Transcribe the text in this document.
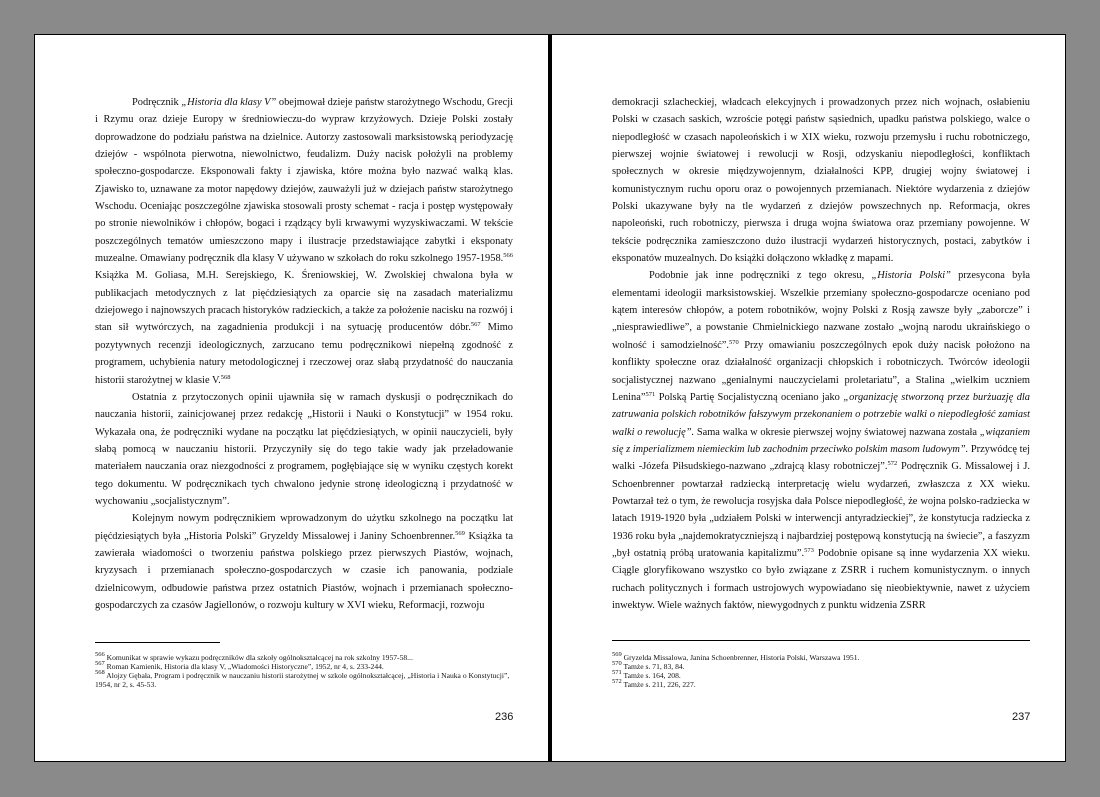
Podręcznik „Historia dla klasy V” obejmował dzieje państw starożytnego Wschodu, Grecji i Rzymu oraz dzieje Europy w średniowieczu-do wypraw krzyżowych. Dzieje Polski zostały doprowadzone do podziału państwa na dzielnice. Autorzy zastosowali marksistowską periodyzację dziejów - wspólnota pierwotna, niewolnictwo, feudalizm. Duży nacisk położyli na problemy społeczno-gospodarcze. Eksponowali fakty i zjawiska, które można było nazwać walką klas. Zjawisko to, uznawane za motor napędowy dziejów, zauważyli już w dziejach państw starożytnego Wschodu. Oceniając poszczególne zjawiska stosowali prosty schemat - racja i postęp występowały po stronie niewolników i chłopów, bogaci i rządzący byli krwawymi wyzyskiwaczami. W tekście poszczególnych tematów umieszczono mapy i ilustracje przedstawiające zabytki i eksponaty muzealne. Omawiany podręcznik dla klasy V używano w szkołach do roku szkolnego 1957-1958.$^{566}$ Książka M. Goliasa, M.H. Serejskiego, K. Śreniowskiej, W. Zwolskiej chwalona była w publikacjach metodycznych z lat pięćdziesiątych za oparcie się na zasadach materializmu dziejowego i najnowszych pracach historyków radzieckich, a także za położenie nacisku na rozwój i stan sił wytwórczych, na zagadnienia produkcji i na sytuację producentów dóbr.$^{567}$ Mimo pozytywnych recenzji ideologicznych, zarzucano temu podręcznikowi niepełną zgodność z programem, uchybienia natury metodologicznej i rzeczowej oraz słabą przydatność do nauczania historii starożytnej w klasie V.$^{568}$

Ostatnia z przytoczonych opinii ujawniła się w ramach dyskusji o podręcznikach do nauczania historii, zainicjowanej przez redakcję „Historii i Nauki o Konstytucji” w 1954 roku. Wykazała ona, że podręczniki wydane na początku lat pięćdziesiątych, w opinii nauczycieli, były słabą pomocą w nauczaniu historii. Przyczyniły się do tego takie wady jak przeładowanie materiałem nauczania oraz niezgodności z programem, pogłębiające się w wyniku częstych korekt tego dokumentu. W podręcznikach tych chwalono jedynie stronę ideologiczną i przydatność w wychowaniu „socjalistycznym”.

Kolejnym nowym podręcznikiem wprowadzonym do użytku szkolnego na początku lat pięćdziesiątych była „Historia Polski” Gryzeldy Missalowej i Janiny Schoenbrenner.$^{569}$ Książka ta zawierała wiadomości o tworzeniu państwa polskiego przez pierwszych Piastów, wojnach, kryzysach i przemianach społeczno-gospodarczych w czasie ich panowania, podziale dzielnicowym, odbudowie państwa przez ostatnich Piastów, wojnach i przemianach społeczno-gospodarczych za czasów Jagiellonów, o rozwoju kultury w XVI wieku, Reformacji, rozwoju

$^{566}$ Komunikat w sprawie wykazu podręczników dla szkoły ogólnokształcącej na rok szkolny 1957-58...
$^{567}$ Roman Kamienik, Historia dla klasy V, „Wiadomości Historyczne”, 1952, nr 4, s. 233-244.
$^{568}$ Alojzy Gębała, Program i podręcznik w nauczaniu historii starożytnej w szkole ogólnokształcącej, „Historia i Nauka o Konstytucji”, 1954, nr 2, s. 45-53.
236

demokracji szlacheckiej, władcach elekcyjnych i prowadzonych przez nich wojnach, osłabieniu Polski w czasach saskich, wzroście potęgi państw sąsiednich, upadku państwa polskiego, walce o niepodległość w czasach napoleońskich i w XIX wieku, rozwoju przemysłu i ruchu robotniczego, pierwszej wojnie światowej i rewolucji w Rosji, odzyskaniu niepodległości, konfliktach społecznych w okresie międzywojennym, działalności KPP, drugiej wojny światowej i komunistycznym ruchu oporu oraz o powojennych przemianach. Niektóre wydarzenia z dziejów Polski ukazywane były na tle wydarzeń z dziejów powszechnych np. Reformacja, okres napoleoński, ruch robotniczy, pierwsza i druga wojna światowa oraz przemiany powojenne. W tekście podręcznika zamieszczono dużo ilustracji wydarzeń historycznych, postaci, zabytków i eksponatów muzealnych. Do książki dołączono wkładkę z mapami.

Podobnie jak inne podręczniki z tego okresu, „Historia Polski” przesycona była elementami ideologii marksistowskiej. Wszelkie przemiany społeczno-gospodarcze oceniano pod kątem interesów chłopów, a potem robotników, wojny Polski z Rosją zawsze były „zaborcze” i „niesprawiedliwe”, a powstanie Chmielnickiego nazwane zostało „wojną narodu ukraińskiego o wolność i samodzielność”.$^{570}$ Przy omawianiu poszczególnych epok duży nacisk położono na konflikty społeczne oraz działalność organizacji chłopskich i robotniczych. Twórców ideologii socjalistycznej nazwano „genialnymi nauczycielami proletariatu”, a Stalina „wielkim uczniem Lenina”$^{571}$ Polską Partię Socjalistyczną oceniano jako „organizację stworzoną przez burżuazję dla zatruwania polskich robotników fałszywym przekonaniem o potrzebie walki o niepodległość zamiast walki o rewolucję”. Sama walka w okresie pierwszej wojny światowej nazwana została „wiązaniem się z imperializmem niemieckim lub zachodnim przeciwko polskim masom ludowym”. Przywódcę tej walki -Józefa Piłsudskiego-nazwano „zdrajcą klasy robotniczej”.$^{572}$ Podręcznik G. Missalowej i J. Schoenbrenner powtarzał radziecką interpretację wielu wydarzeń, zwłaszcza z XX wieku. Powtarzał też o tym, że rewolucja rosyjska dała Polsce niepodległość, że wojna polsko-radziecka w latach 1919-1920 była „udziałem Polski w interwencji antyradzieckiej”, że konstytucja radziecka z 1936 roku była „najdemokratyczniejszą i najbardziej postępową konstytucją na świecie”, a faszyzm „był ostatnią próbą uratowania kapitalizmu”.$^{573}$ Podobnie opisane są inne wydarzenia XX wieku. Ciągle gloryfikowano wszystko co było związane z ZSRR i ruchem komunistycznym. o innych ruchach politycznych i formach ustrojowych wypowiadano się nieobiektywnie, nawet z użyciem inwektyw. Wiele ważnych faktów, niewygodnych z punktu widzenia ZSRR

$^{569}$ Gryzelda Missalowa, Janina Schoenbrenner, Historia Polski, Warszawa 1951.
$^{570}$ Tamże s. 71, 83, 84.
$^{571}$ Tamże s. 164, 208.
$^{572}$ Tamże s. 211, 226, 227.
237
